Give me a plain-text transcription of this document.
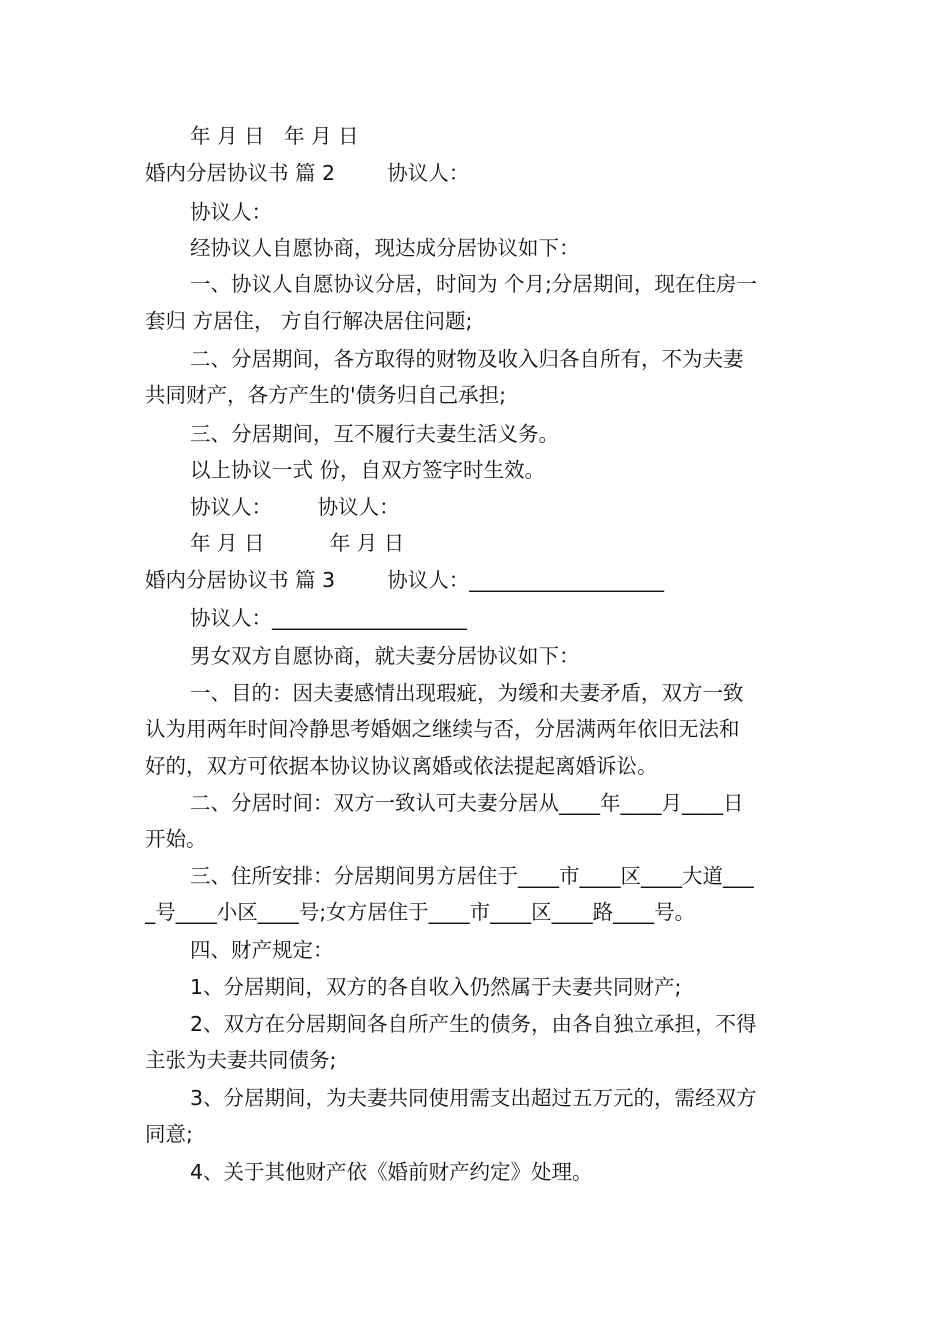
年 月 日   年 月 日
婚内分居协议书 篇 2        协议人：
协议人：
经协议人自愿协商，现达成分居协议如下：
一、协议人自愿协议分居，时间为 个月;分居期间，现在住房一
套归 方居住， 方自行解决居住问题;
二、分居期间，各方取得的财物及收入归各自所有，不为夫妻
共同财产，各方产生的'债务归自己承担;
三、分居期间，互不履行夫妻生活义务。
以上协议一式 份，自双方签字时生效。
协议人：       协议人：
年 月 日          年 月 日
婚内分居协议书 篇 3        协议人：___________________
协议人：___________________
男女双方自愿协商，就夫妻分居协议如下：
一、目的：因夫妻感情出现瑕疵，为缓和夫妻矛盾，双方一致
认为用两年时间冷静思考婚姻之继续与否，分居满两年依旧无法和
好的，双方可依据本协议协议离婚或依法提起离婚诉讼。
二、分居时间：双方一致认可夫妻分居从____年____月____日
开始。
三、住所安排：分居期间男方居住于____市____区____大道___
_号____小区____号;女方居住于____市____区____路____号。
四、财产规定：
1、分居期间，双方的各自收入仍然属于夫妻共同财产;
2、双方在分居期间各自所产生的债务，由各自独立承担，不得
主张为夫妻共同债务;
3、分居期间，为夫妻共同使用需支出超过五万元的，需经双方
同意;
4、关于其他财产依《婚前财产约定》处理。
